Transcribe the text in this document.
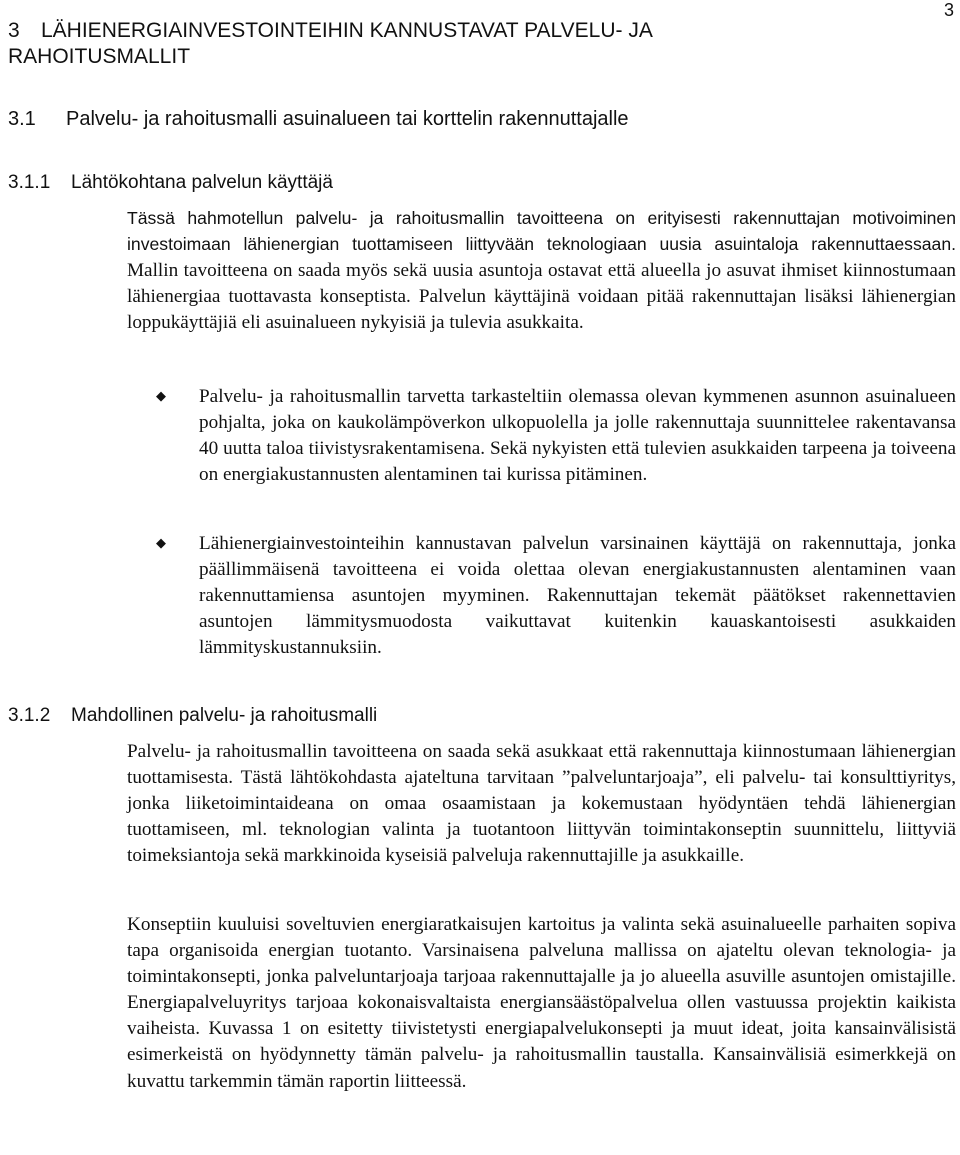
3
3	LÄHIENERGIAINVESTOINTEIHIN KANNUSTAVAT PALVELU- JA
RAHOITUSMALLIT
3.1 Palvelu- ja rahoitusmalli asuinalueen tai korttelin rakennuttajalle
3.1.1 Lähtökohtana palvelun käyttäjä

Tässä hahmotellun palvelu- ja rahoitusmallin tavoitteena on erityisesti rakennuttajan motivoiminen investoimaan lähienergian tuottamiseen liittyvään teknologiaan uusia asuintaloja rakennuttaessaan. Mallin tavoitteena on saada myös sekä uusia asuntoja ostavat että alueella jo asuvat ihmiset kiinnostumaan lähienergiaa tuottavasta konseptista. Palvelun käyttäjinä voidaan pitää rakennuttajan lisäksi lähienergian loppukäyttäjiä eli asuinalueen nykyisiä ja tulevia asukkaita.

◆ Palvelu- ja rahoitusmallin tarvetta tarkasteltiin olemassa olevan kymmenen asunnon asuinalueen pohjalta, joka on kaukolämpöverkon ulkopuolella ja jolle rakennuttaja suunnittelee rakentavansa 40 uutta taloa tiivistysrakentamisena. Sekä nykyisten että tulevien asukkaiden tarpeena ja toiveena on energiakustannusten alentaminen tai kurissa pitäminen.
◆ Lähienergiainvestointeihin kannustavan palvelun varsinainen käyttäjä on rakennuttaja, jonka päällimmäisenä tavoitteena ei voida olettaa olevan energiakustannusten alentaminen vaan rakennuttamiensa asuntojen myyminen. Rakennuttajan tekemät päätökset rakennettavien asuntojen lämmitysmuodosta vaikuttavat kuitenkin kauaskantoisesti asukkaiden lämmityskustannuksiin.
3.1.2 Mahdollinen palvelu- ja rahoitusmalli

Palvelu- ja rahoitusmallin tavoitteena on saada sekä asukkaat että rakennuttaja kiinnostumaan lähienergian tuottamisesta. Tästä lähtökohdasta ajateltuna tarvitaan ”palveluntarjoaja”, eli palvelu- tai konsulttiyritys, jonka liiketoimintaideana on omaa osaamistaan ja kokemustaan hyödyntäen tehdä lähienergian tuottamiseen, ml. teknologian valinta ja tuotantoon liittyvän toimintakonseptin suunnittelu, liittyviä toimeksiantoja sekä markkinoida kyseisiä palveluja rakennuttajille ja asukkaille.

Konseptiin kuuluisi soveltuvien energiaratkaisujen kartoitus ja valinta sekä asuinalueelle parhaiten sopiva tapa organisoida energian tuotanto. Varsinaisena palveluna mallissa on ajateltu olevan teknologia- ja toimintakonsepti, jonka palveluntarjoaja tarjoaa rakennuttajalle ja jo alueella asuville asuntojen omistajille. Energiapalveluyritys tarjoaa kokonaisvaltaista energiansäästöpalvelua ollen vastuussa projektin kaikista vaiheista. Kuvassa 1 on esitetty tiivistetysti energiapalvelukonsepti ja muut ideat, joita kansainvälisistä esimerkeistä on hyödynnetty tämän palvelu- ja rahoitusmallin taustalla. Kansainvälisiä esimerkkejä on kuvattu tarkemmin tämän raportin liitteessä.
